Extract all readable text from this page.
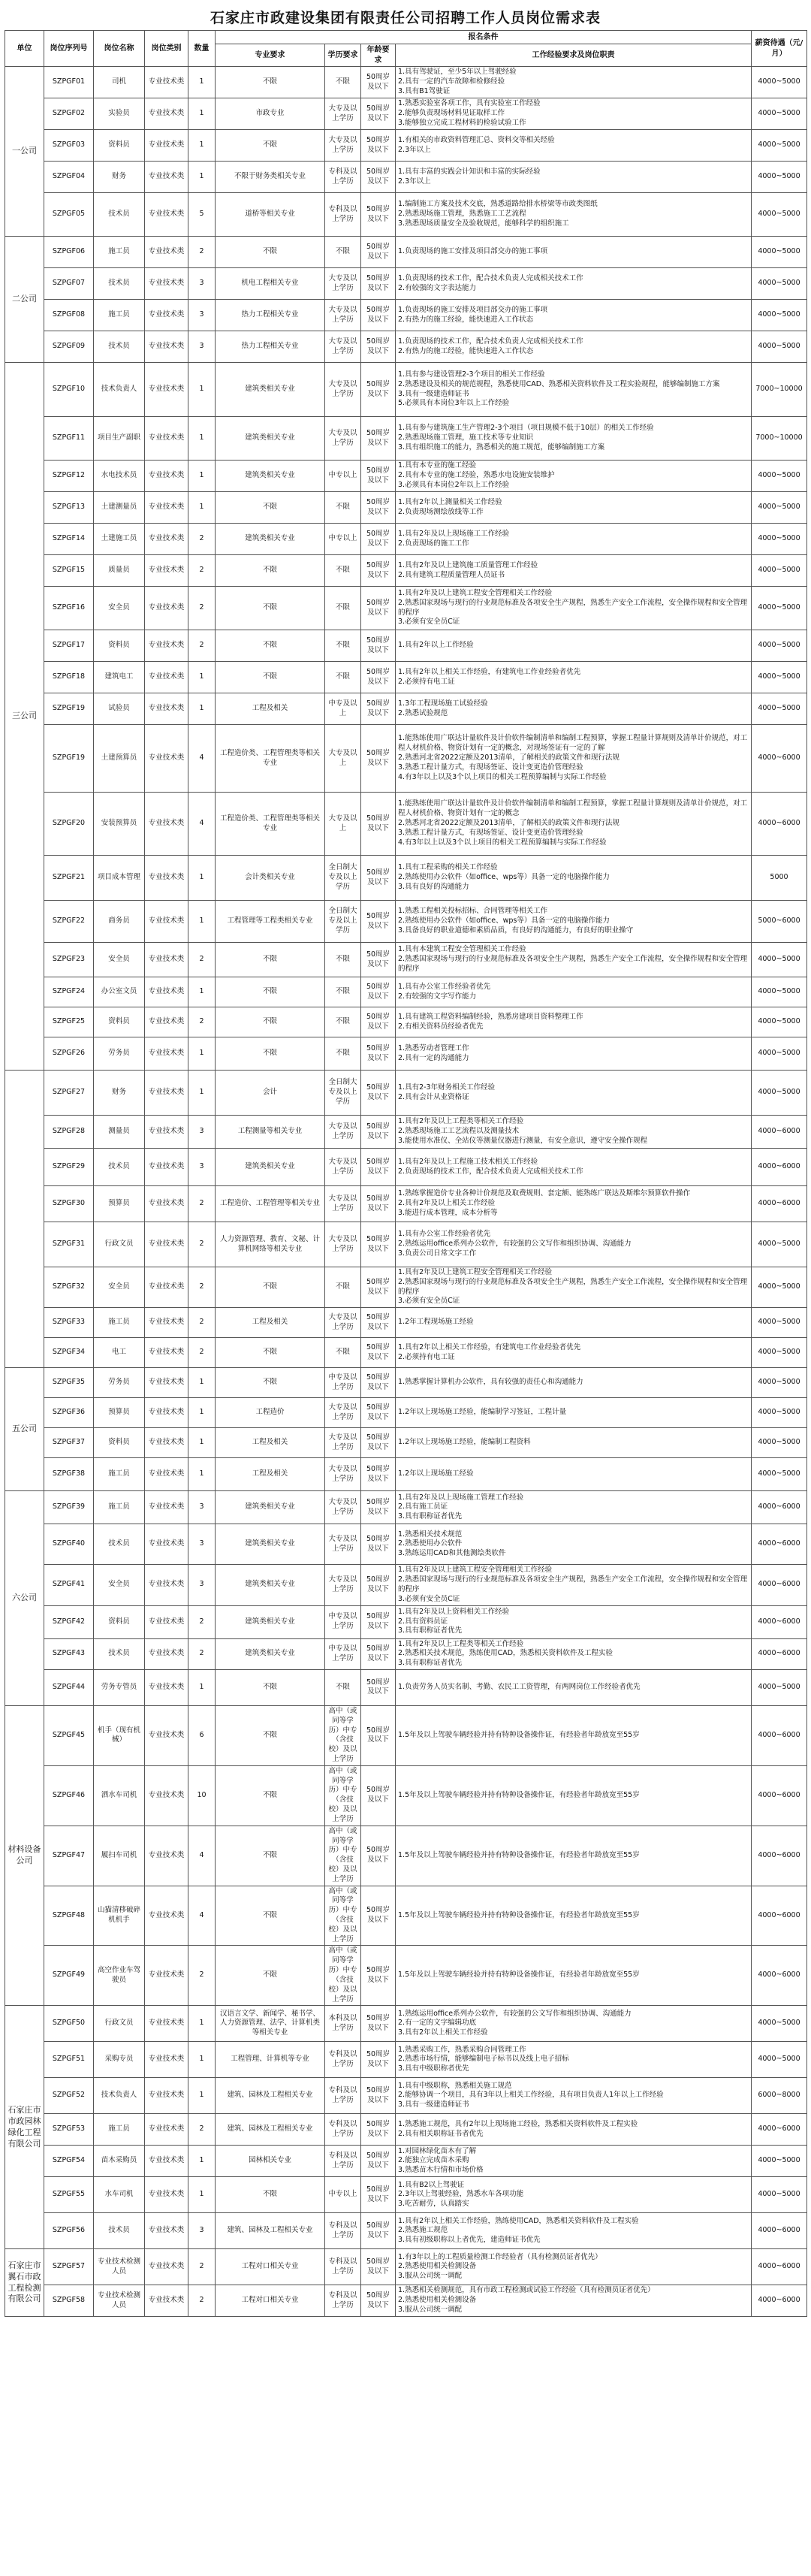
石家庄市政建设集团有限责任公司招聘工作人员岗位需求表
单位	岗位序列号	岗位名称	岗位类别	数量	报名条件				薪资待遇（元/月）
					专业要求	学历要求	年龄要求	工作经验要求及岗位职责	
一公司	SZPGF01	司机	专业技术类	1	不限	不限	50周岁及以下	1.具有驾驶证，至少5年以上驾驶经验
2.具有一定的汽车故障和检修经验
3.具有B1驾驶证	4000~5000
	SZPGF02	实验员	专业技术类	1	市政专业	大专及以上学历	50周岁及以下	1.熟悉实验室各项工作，具有实验室工作经验
2.能够负责现场材料见证取样工作
3.能够独立完成工程材料的检验试验工作	4000~5000
	SZPGF03	资料员	专业技术类	1	不限	大专及以上学历	50周岁及以下	1.有相关的市政资料管理汇总、资料交等相关经验
2.3年以上	4000~5000
	SZPGF04	财务	专业技术类	1	不限于财务类相关专业	专科及以上学历	50周岁及以下	1.具有丰富的实践会计知识和丰富的实际经验
2.3年以上	4000~5000
	SZPGF05	技术员	专业技术类	5	道桥等相关专业	专科及以上学历	50周岁及以下	1.编制施工方案及技术交底，熟悉道路给排水桥梁等市政类图纸
2.熟悉现场施工管理，熟悉施工工艺流程
3.熟悉现场质量安全及验收规范，能够科学的组织施工	4000~5000
二公司	SZPGF06	施工员	专业技术类	2	不限	不限	50周岁及以下	1.负责现场的施工安排及项目部交办的施工事项	4000~5000
	SZPGF07	技术员	专业技术类	3	机电工程相关专业	大专及以上学历	50周岁及以下	1.负责现场的技术工作，配合技术负责人完成相关技术工作
2.有较强的文字表达能力	4000~5000
	SZPGF08	施工员	专业技术类	3	热力工程相关专业	大专及以上学历	50周岁及以下	1.负责现场的施工安排及项目部交办的施工事项
2.有热力的施工经验，能快速进入工作状态	4000~5000
	SZPGF09	技术员	专业技术类	3	热力工程相关专业	大专及以上学历	50周岁及以下	1.负责现场的技术工作，配合技术负责人完成相关技术工作
2.有热力的施工经验，能快速进入工作状态	4000~5000
三公司	SZPGF10	技术负责人	专业技术类	1	建筑类相关专业	大专及以上学历	50周岁及以下	1.具有参与建设管理2-3个项目的相关工作经验
2.熟悉建设及相关的规范规程，熟悉使用CAD、熟悉相关资料软件及工程实验规程，能够编制施工方案
3.具有一级建造师证书
5.必须具有本岗位3年以上工作经验	7000~10000
	SZPGF11	项目生产副职	专业技术类	1	建筑类相关专业	大专及以上学历	50周岁及以下	1.具有参与建筑施工生产管理2-3个项目（项目规模不低于10层）的相关工作经验
2.熟悉现场施工管理，施工技术等专业知识
3.具有组织施工的能力，熟悉相关的施工规范，能够编制施工方案	7000~10000
	SZPGF12	水电技术员	专业技术类	1	建筑类相关专业	中专以上	50周岁及以下	1.具有本专业的施工经验
2.具有本专业的施工经验，熟悉水电设施安装维护
3.必须具有本岗位2年以上工作经验	4000~5000
	SZPGF13	土建测量员	专业技术类	1	不限	不限	50周岁及以下	1.具有2年以上测量相关工作经验
2.负责现场测绘放线等工作	4000~5000
	SZPGF14	土建施工员	专业技术类	2	建筑类相关专业	中专以上	50周岁及以下	1.具有2年及以上现场施工工作经验
2.负责现场的施工工作	4000~5000
	SZPGF15	质量员	专业技术类	2	不限	不限	50周岁及以下	1.具有2年及以上建筑施工质量管理工作经验
2.具有建筑工程质量管理人员证书	4000~5000
	SZPGF16	安全员	专业技术类	2	不限	不限	50周岁及以下	1.具有2年及以上建筑工程安全管理相关工作经验
2.熟悉国家现场与现行的行业规范标准及各项安全生产规程，熟悉生产安全工作流程，安全操作规程和安全管理的程序
3.必须有安全员C证	4000~5000
	SZPGF17	资料员	专业技术类	2	不限	不限	50周岁及以下	1.具有2年以上工作经验	4000~5000
	SZPGF18	建筑电工	专业技术类	1	不限	不限	50周岁及以下	1.具有2年以上相关工作经验，有建筑电工作业经验者优先
2.必须持有电工证	4000~5000
	SZPGF19	试验员	专业技术类	1	工程及相关	中专及以上	50周岁及以下	1.3年工程现场施工试验经验
2.熟悉试验规范	4000~5000
	SZPGF19	土建预算员	专业技术类	4	工程造价类、工程管理类等相关专业	大专及以上	50周岁及以下	1.能熟练使用广联达计量软件及计价软件编制清单和编制工程预算，掌握工程量计算规则及清单计价规范，对工程人材机价格、物资计划有一定的概念，对现场签证有一定的了解
2.熟悉河北省2022定额及2013清单，了解相关的政策文件和现行法规
3.熟悉工程计量方式，有现场签证、设计变更造价管理经验
4.有3年以上以及3个以上项目的相关工程预算编制与实际工作经验	4000~6000
	SZPGF20	安装预算员	专业技术类	4	工程造价类、工程管理类等相关专业	大专及以上	50周岁及以下	1.能熟练使用广联达计量软件及计价软件编制清单和编制工程预算，掌握工程量计算规则及清单计价规范，对工程人材机价格、物资计划有一定的概念
2.熟悉河北省2022定额及2013清单，了解相关的政策文件和现行法规
3.熟悉工程计量方式，有现场签证、设计变更造价管理经验
4.有3年以上以及3个以上项目的相关工程预算编制与实际工作经验	4000~6000
	SZPGF21	项目成本管理	专业技术类	1	会计类相关专业	全日制大专及以上学历	50周岁及以下	1.具有工程采购的相关工作经验
2.熟练使用办公软件（如office、wps等）具备一定的电脑操作能力
3.具有良好的沟通能力	5000
	SZPGF22	商务员	专业技术类	1	工程管理等工程类相关专业	全日制大专及以上学历	50周岁及以下	1.熟悉工程相关投标招标、合同管理等相关工作
2.熟练使用办公软件（如office、wps等）具备一定的电脑操作能力
3.具备良好的职业道德和素质品质，有良好的沟通能力，有良好的职业操守	5000~6000
	SZPGF23	安全员	专业技术类	2	不限	不限	50周岁及以下	1.具有本建筑工程安全管理相关工作经验
2.熟悉国家现场与现行的行业规范标准及各项安全生产规程，熟悉生产安全工作流程，安全操作规程和安全管理的程序	4000~5000
	SZPGF24	办公室文员	专业技术类	1	不限	不限	50周岁及以下	1.具有办公室工作经验者优先
2.有较强的文字写作能力	4000~5000
	SZPGF25	资料员	专业技术类	2	不限	不限	50周岁及以下	1.具有建筑工程资料编制经验，熟悉房建项目资料整理工作
2.有相关资料员经验者优先	4000~5000
	SZPGF26	劳务员	专业技术类	1	不限	不限	50周岁及以下	1.熟悉劳动者管理工作
2.具有一定的沟通能力	4000~5000
	SZPGF27	财务	专业技术类	1	会计	全日制大专及以上学历	50周岁及以下	1.具有2-3年财务相关工作经验
2.具有会计从业资格证	4000~5000
	SZPGF28	测量员	专业技术类	3	工程测量等相关专业	大专及以上学历	50周岁及以下	1.具有2年及以上工程类等相关工作经验
2.熟悉现场施工工艺流程以及测量技术
3.能使用水准仪、全站仪等测量仪器进行测量，有安全意识，遵守安全操作规程	4000~6000
	SZPGF29	技术员	专业技术类	3	建筑类相关专业	大专及以上学历	50周岁及以下	1.具有2年及以上工程施工技术相关工作经验
2.负责现场的技术工作，配合技术负责人完成相关技术工作	4000~6000
	SZPGF30	预算员	专业技术类	2	工程造价、工程管理等相关专业	大专及以上学历	50周岁及以下	1.熟练掌握造价专业各种计价规范及取费规则、套定额、能熟练广联达及斯维尔预算软件操作
2.具有2年及以上相关工作经验
3.能进行成本管理，成本分析等	4000~6000
	SZPGF31	行政文员	专业技术类	2	人力资源管理、教育、文秘、计算机网络等相关专业	大专及以上学历	50周岁及以下	1.具有办公室工作经验者优先
2.熟练运用office系列办公软件，有较强的公文写作和组织协调、沟通能力
3.负责公司日常文字工作	4000~5000
	SZPGF32	安全员	专业技术类	2	不限	不限	50周岁及以下	1.具有2年及以上建筑工程安全管理相关工作经验
2.熟悉国家现场与现行的行业规范标准及各项安全生产规程，熟悉生产安全工作流程，安全操作规程和安全管理的程序
3.必须有安全员C证	4000~5000
	SZPGF33	施工员	专业技术类	2	工程及相关	大专及以上学历	50周岁及以下	1.2年工程现场施工经验	4000~5000
	SZPGF34	电工	专业技术类	2	不限	不限	50周岁及以下	1.具有2年以上相关工作经验，有建筑电工作业经验者优先
2.必须持有电工证	4000~5000
五公司	SZPGF35	劳务员	专业技术类	1	不限	中专及以上学历	50周岁及以下	1.熟悉掌握计算机办公软件，具有较强的责任心和沟通能力	4000~5000
	SZPGF36	预算员	专业技术类	1	工程造价	大专及以上学历	50周岁及以下	1.2年以上现场施工经验，能编制学习签证，工程计量	4000~5000
	SZPGF37	资料员	专业技术类	1	工程及相关	大专及以上学历	50周岁及以下	1.2年以上现场施工经验，能编制工程资料	4000~5000
	SZPGF38	施工员	专业技术类	1	工程及相关	大专及以上学历	50周岁及以下	1.2年以上现场施工经验	4000~5000
六公司	SZPGF39	施工员	专业技术类	3	建筑类相关专业	大专及以上学历	50周岁及以下	1.具有2年及以上现场施工管理工作经验
2.具有施工员证
3.具有职称证者优先	4000~6000
	SZPGF40	技术员	专业技术类	3	建筑类相关专业	大专及以上学历	50周岁及以下	1.熟悉相关技术规范
2.熟悉使用办公软件
3.熟练运用CAD和其他测绘类软件	4000~6000
	SZPGF41	安全员	专业技术类	3	建筑类相关专业	大专及以上学历	50周岁及以下	1.具有2年及以上建筑工程安全管理相关工作经验
2.熟悉国家现场与现行的行业规范标准及各项安全生产规程，熟悉生产安全工作流程，安全操作规程和安全管理的程序
3.必须有安全员C证	4000~6000
	SZPGF42	资料员	专业技术类	2	建筑类相关专业	中专及以上学历	50周岁及以下	1.具有2年及以上资料相关工作经验
2.具有资料员证
3.具有职称证者优先	4000~6000
	SZPGF43	技术员	专业技术类	2	建筑类相关专业	中专及以上学历	50周岁及以下	1.具有2年及以上工程类等相关工作经验
2.熟悉相关技术规范，熟练使用CAD，熟悉相关资料软件及工程实验
3.具有职称证者优先	4000~6000
	SZPGF44	劳务专管员	专业技术类	1	不限	不限	50周岁及以下	1.负责劳务人员实名制、考勤、农民工工资管理，有两网岗位工作经验者优先	4000~5000
材料设备公司	SZPGF45	机手（现有机械）	专业技术类	6	不限	高中（或同等学历）中专（含技校）及以上学历	50周岁及以下	1.5年及以上驾驶车辆经验并持有特种设备操作证，有经验者年龄放宽至55岁	4000~6000
	SZPGF46	洒水车司机	专业技术类	10	不限	高中（或同等学历）中专（含技校）及以上学历	50周岁及以下	1.5年及以上驾驶车辆经验并持有特种设备操作证，有经验者年龄放宽至55岁	4000~6000
	SZPGF47	履扫车司机	专业技术类	4	不限	高中（或同等学历）中专（含技校）及以上学历	50周岁及以下	1.5年及以上驾驶车辆经验并持有特种设备操作证，有经验者年龄放宽至55岁	4000~6000
	SZPGF48	山猫清移破碎机机手	专业技术类	4	不限	高中（或同等学历）中专（含技校）及以上学历	50周岁及以下	1.5年及以上驾驶车辆经验并持有特种设备操作证，有经验者年龄放宽至55岁	4000~6000
	SZPGF49	高空作业车驾驶员	专业技术类	2	不限	高中（或同等学历）中专（含技校）及以上学历	50周岁及以下	1.5年及以上驾驶车辆经验并持有特种设备操作证，有经验者年龄放宽至55岁	4000~6000
石家庄市市政园林绿化工程有限公司	SZPGF50	行政文员	专业技术类	1	汉语言文学、新闻学、秘书学、人力资源管理、法学、计算机类等相关专业	本科及以上学历	50周岁及以下	1.熟练运用office系列办公软件，有较强的公文写作和组织协调、沟通能力
2.有一定的文字编辑功底
3.具有2年以上相关工作经验	4000~5000
	SZPGF51	采购专员	专业技术类	1	工程管理、计算机等专业	专科及以上学历	50周岁及以下	1.熟悉采购工作，熟悉采购合同管理工作
2.熟悉市场行情，能够编制电子标书以及线上电子招标
3.具有中级职称者优先	4000~5000
	SZPGF52	技术负责人	专业技术类	1	建筑、园林及工程相关专业	专科及以上学历	50周岁及以下	1.具有中级职称，熟悉相关施工规范
2.能够协调一个项目，具有3年以上相关工作经验，具有项目负责人1年以上工作经验
3.具有一级建造师证书	6000~8000
	SZPGF53	施工员	专业技术类	2	建筑、园林及工程相关专业	专科及以上学历	50周岁及以下	1.熟悉施工规范，具有2年以上现场施工经验，熟悉相关资料软件及工程实验
2.具有相关职称证书者优先	4000~6000
	SZPGF54	苗木采购员	专业技术类	1	园林相关专业	专科及以上学历	50周岁及以下	1.对园林绿化苗木有了解
2.能独立完成苗木采购
3.熟悉苗木行情和市场价格	4000~5000
	SZPGF55	水车司机	专业技术类	1	不限	中专以上	50周岁及以下	1.具有B2以上驾驶证
2.3年以上驾驶经验，熟悉水车各项功能
3.吃苦耐劳，认真踏实	4000~5000
	SZPGF56	技术员	专业技术类	3	建筑、园林及工程相关专业	专科及以上学历	50周岁及以下	1.具有2年以上相关工作经验，熟练使用CAD，熟悉相关资料软件及工程实验
2.熟悉施工规范
3.具有初级职称以上者优先，建造师证书优先	4000~6000
石家庄市翼石市政工程检测有限公司	SZPGF57	专业技术检测人员	专业技术类	2	工程对口相关专业	专科及以上学历	50周岁及以下	1.有3年以上的工程质量检测工作经验者（具有检测员证者优先）
2.熟悉使用相关检测设备
3.服从公司统一调配	4000~6000
	SZPGF58	专业技术检测人员	专业技术类	2	工程对口相关专业	专科及以上学历	50周岁及以下	1.熟悉相关检测规范，具有市政工程检测或试验工作经验（具有检测员证者优先）
2.熟悉使用相关检测设备
3.服从公司统一调配	4000~6000
